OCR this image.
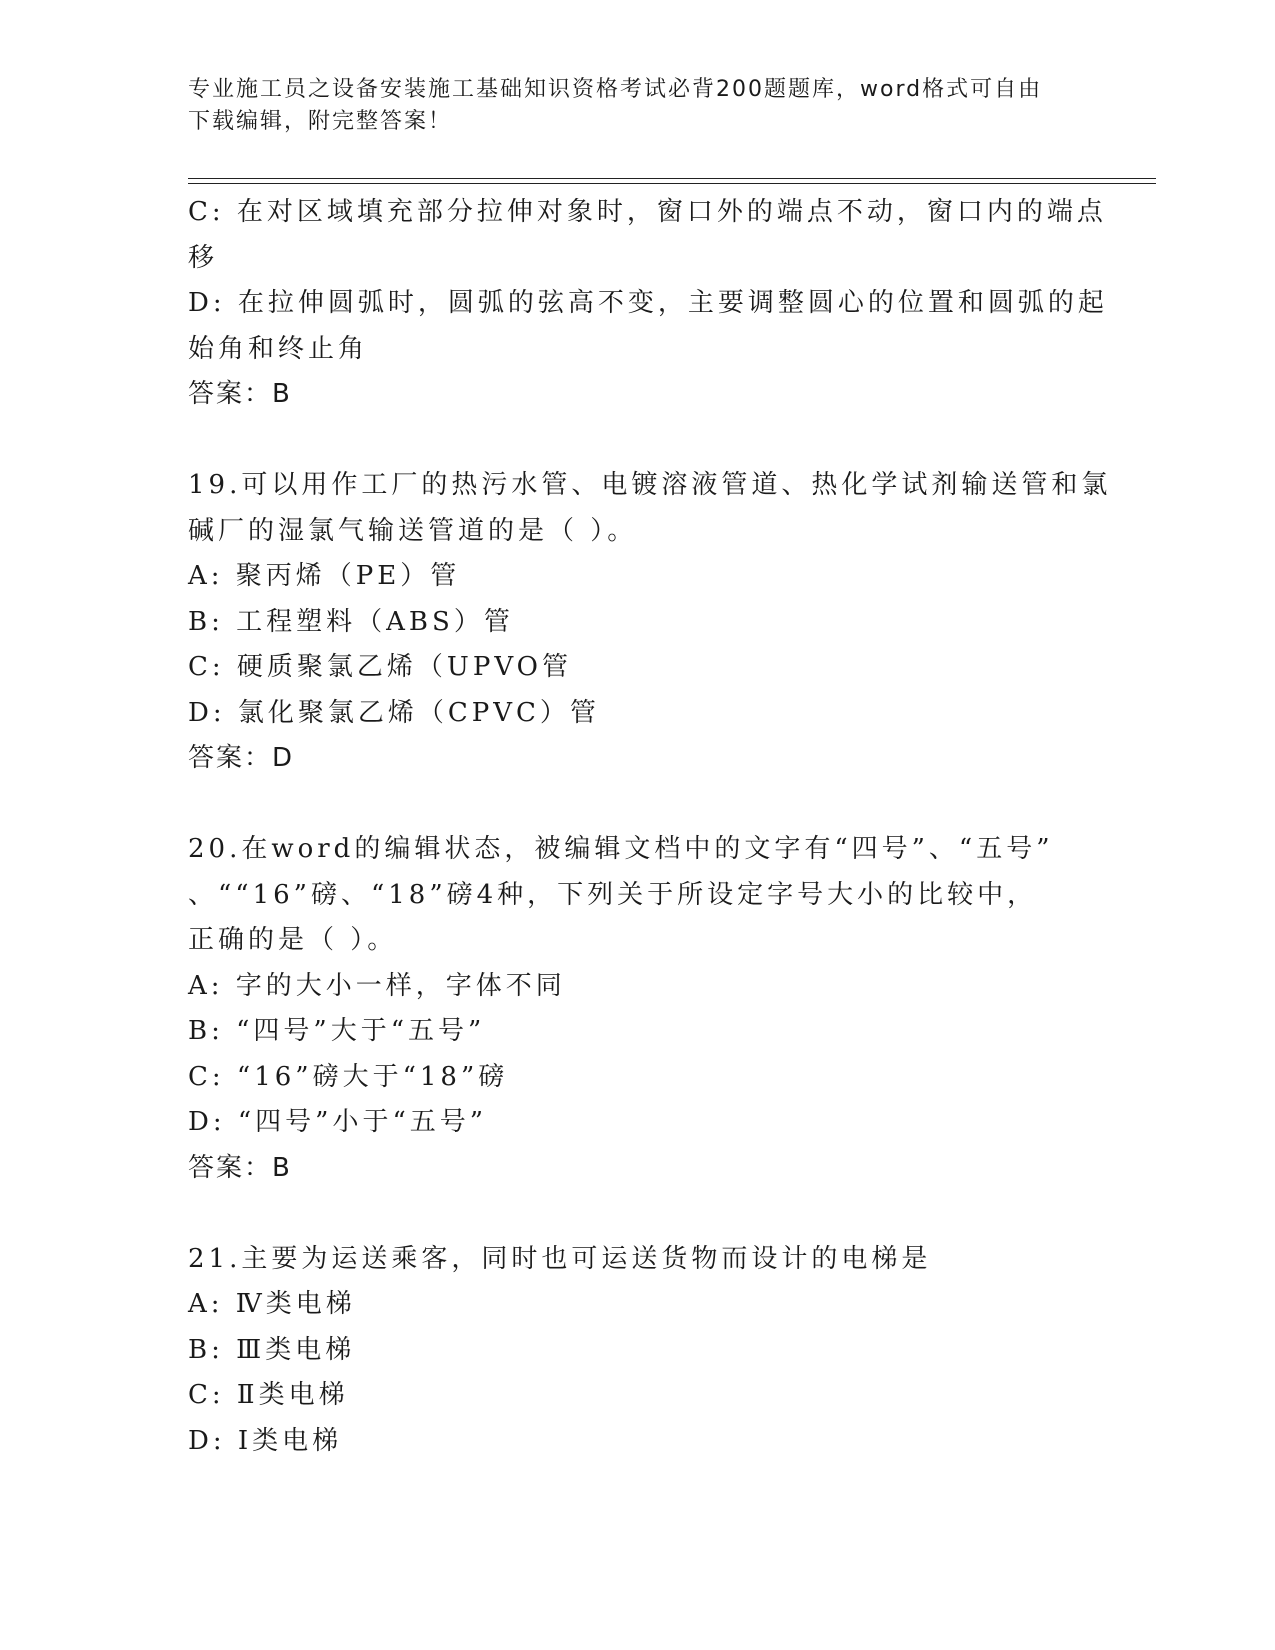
专业施工员之设备安装施工基础知识资格考试必背200题题库，word格式可自由
下载编辑，附完整答案！
C: 在对区域填充部分拉伸对象时，窗口外的端点不动，窗口内的端点
移
D: 在拉伸圆弧时，圆弧的弦高不变，主要调整圆心的位置和圆弧的起
始角和终止角
答案：B
19.可以用作工厂的热污水管、电镀溶液管道、热化学试剂输送管和氯
碱厂的湿氯气输送管道的是（ ）。
A: 聚丙烯（PE）管
B: 工程塑料（ABS）管
C: 硬质聚氯乙烯（UPVO管
D: 氯化聚氯乙烯（CPVC）管
答案：D
20.在word的编辑状态，被编辑文档中的文字有“四号”、“五号”
、““16”磅、“18”磅4种，下列关于所设定字号大小的比较中，
正确的是（ ）。
A: 字的大小一样，字体不同
B: “四号”大于“五号”
C: “16”磅大于“18”磅
D: “四号”小于“五号”
答案：B
21.主要为运送乘客，同时也可运送货物而设计的电梯是
A: Ⅳ类电梯
B: Ⅲ类电梯
C: Ⅱ类电梯
D: Ⅰ类电梯
